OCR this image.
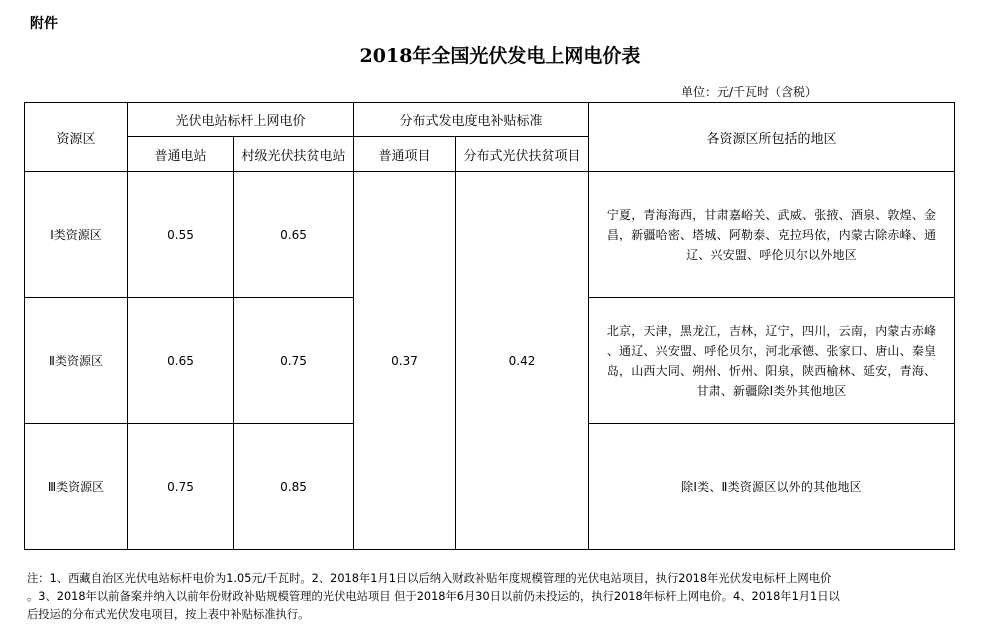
附件
2018年全国光伏发电上网电价表
单位：元/千瓦时（含税）
资源区	光伏电站标杆上网电价		分布式发电度电补贴标准		各资源区所包括的地区
	普通电站	村级光伏扶贫电站	普通项目	分布式光伏扶贫项目	
Ⅰ类资源区	0.55	0.65	0.37	0.42	宁夏，青海海西，甘肃嘉峪关、武威、张掖、酒泉、敦煌、金
昌，新疆哈密、塔城、阿勒泰、克拉玛依，内蒙古除赤峰、通
辽、兴安盟、呼伦贝尔以外地区

Ⅱ类资源区	0.65	0.75			北京，天津，黑龙江，吉林，辽宁，四川，云南，内蒙古赤峰
、通辽、兴安盟、呼伦贝尔，河北承德、张家口、唐山、秦皇
岛，山西大同、朔州、忻州、阳泉，陕西榆林、延安，青海、
甘肃、新疆除Ⅰ类外其他地区

Ⅲ类资源区	0.75	0.85			除Ⅰ类、Ⅱ类资源区以外的其他地区
注：1、西藏自治区光伏电站标杆电价为1.05元/千瓦时。2、2018年1月1日以后纳入财政补贴年度规模管理的光伏电站项目，执行2018年光伏发电标杆上网电价
。3、2018年以前备案并纳入以前年份财政补贴规模管理的光伏电站项目 但于2018年6月30日以前仍未投运的，执行2018年标杆上网电价。4、2018年1月1日以
后投运的分布式光伏发电项目，按上表中补贴标准执行。
